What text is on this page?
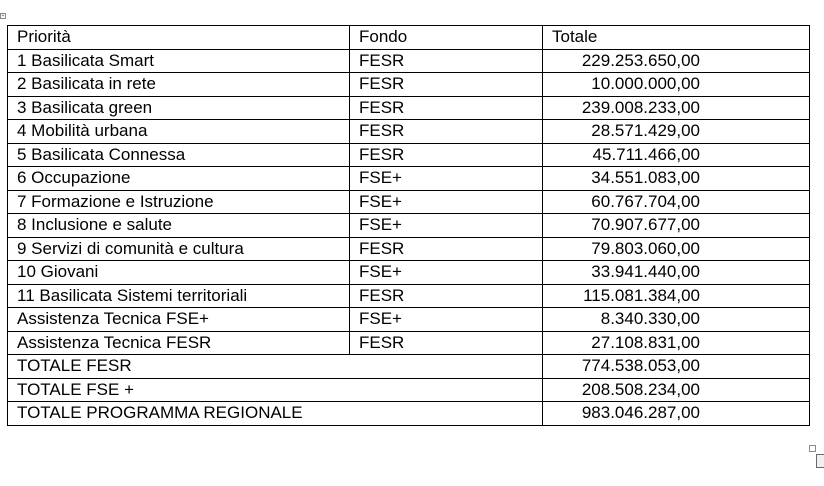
+
Priorità	Fondo	Totale
1 Basilicata Smart	FESR	229.253.650,00
2 Basilicata in rete	FESR	10.000.000,00
3 Basilicata green	FESR	239.008.233,00
4 Mobilità urbana	FESR	28.571.429,00
5 Basilicata Connessa	FESR	45.711.466,00
6 Occupazione	FSE+	34.551.083,00
7 Formazione e Istruzione	FSE+	60.767.704,00
8 Inclusione e salute	FSE+	70.907.677,00
9 Servizi di comunità e cultura	FESR	79.803.060,00
10 Giovani	FSE+	33.941.440,00
11 Basilicata Sistemi territoriali	FESR	115.081.384,00
Assistenza Tecnica FSE+	FSE+	8.340.330,00
Assistenza Tecnica FESR	FESR	27.108.831,00
TOTALE FESR		774.538.053,00
TOTALE FSE +		208.508.234,00
TOTALE PROGRAMMA REGIONALE		983.046.287,00
